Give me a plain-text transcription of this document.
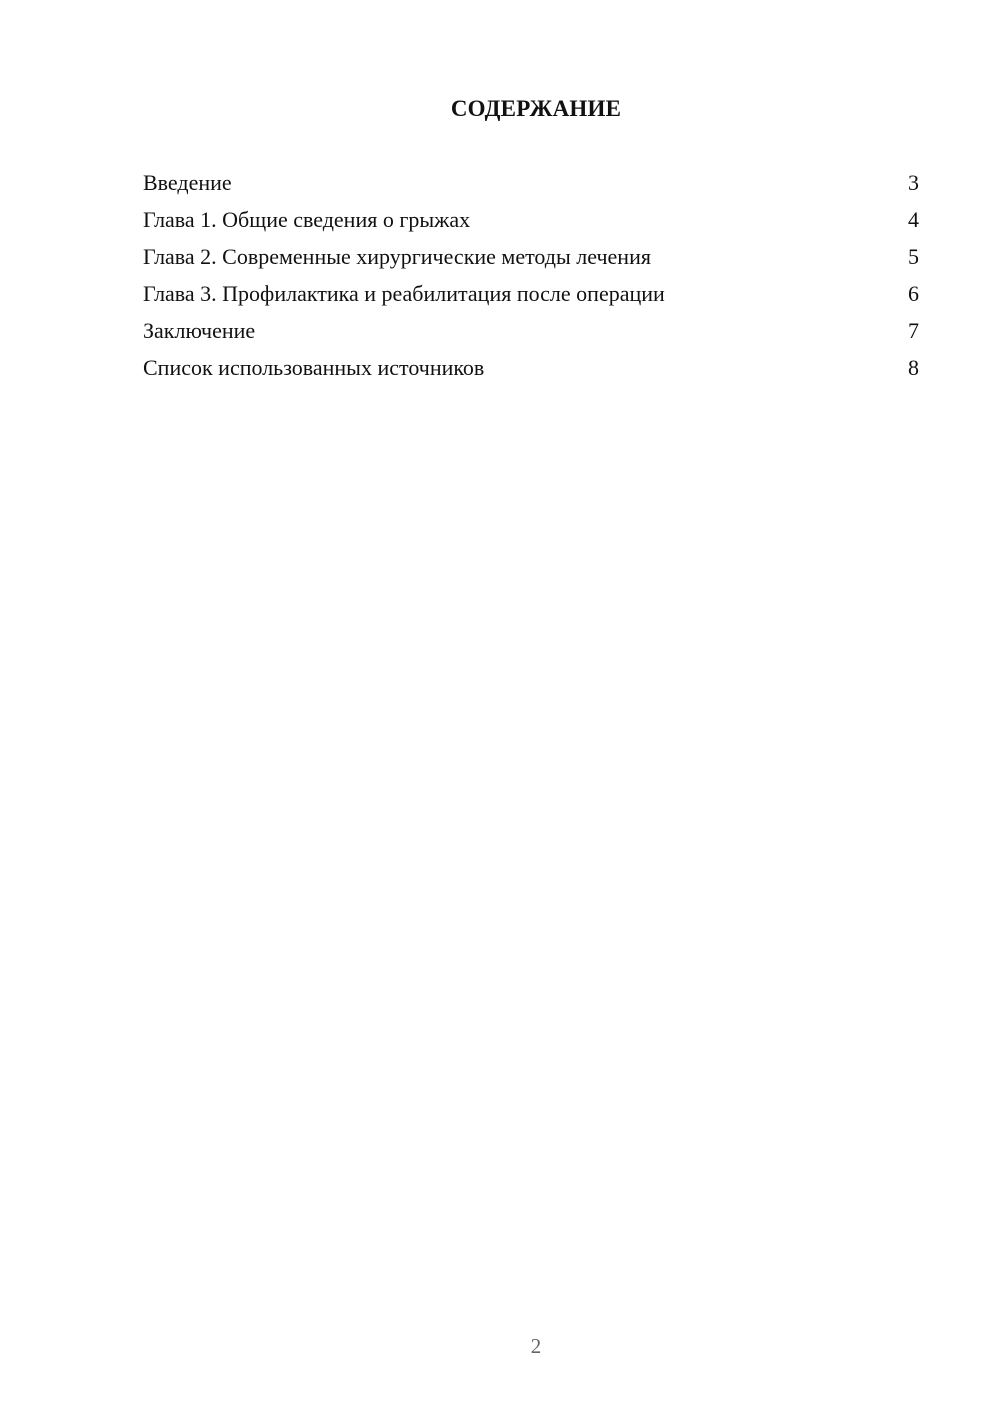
СОДЕРЖАНИЕ
Введение	3
Глава 1. Общие сведения о грыжах	4
Глава 2. Современные хирургические методы лечения	5
Глава 3. Профилактика и реабилитация после операции	6
Заключение	7
Список использованных источников	8
2
